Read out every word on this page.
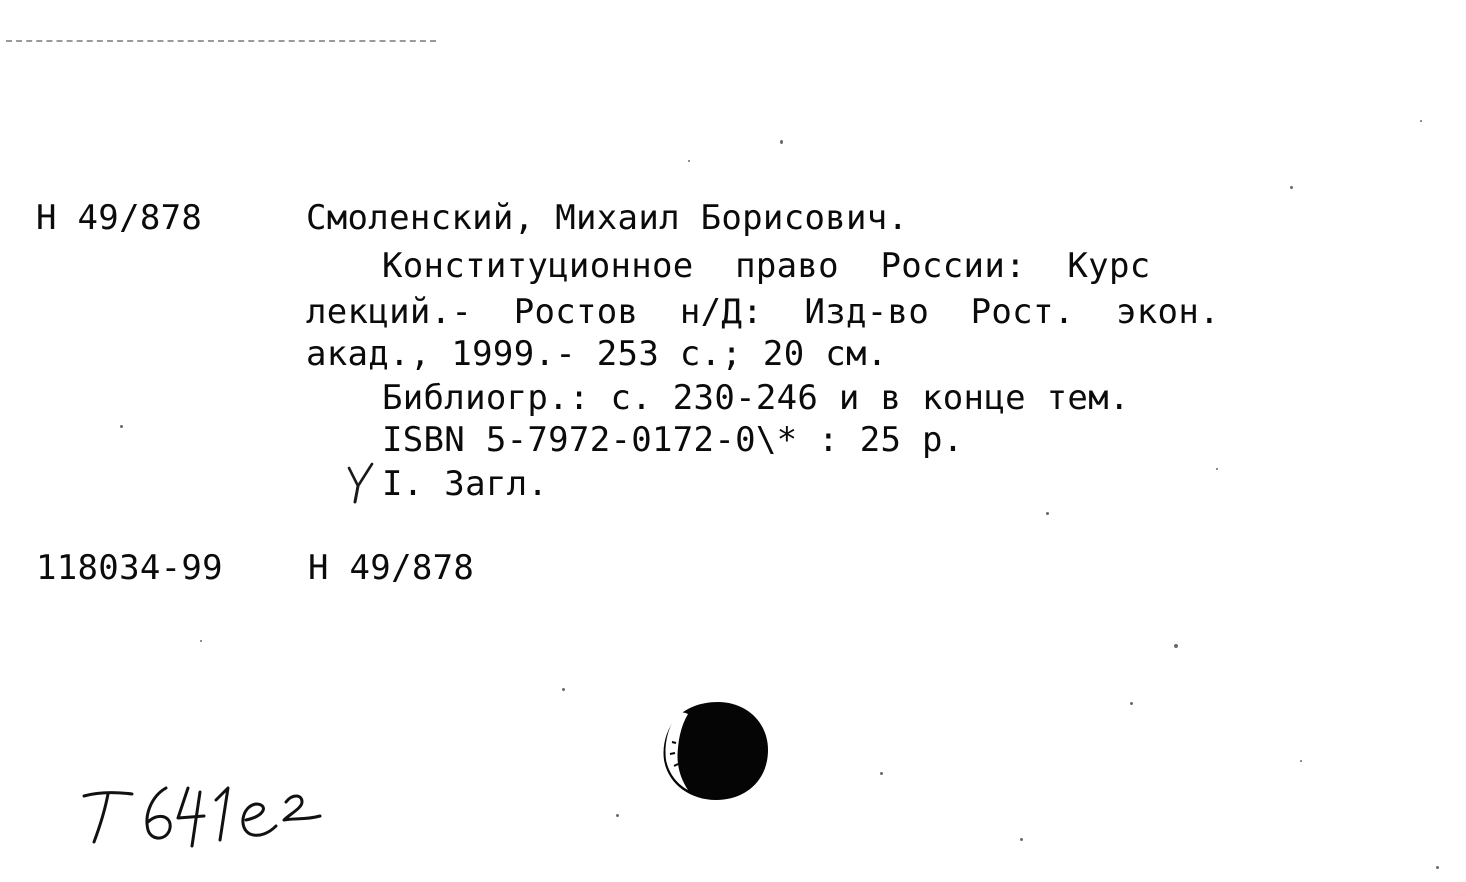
Н 49/878	Смоленский, Михаил Борисович.
Конституционное  право  России:  Курс
лекций.-  Ростов  н/Д:  Изд-во  Рост.  экон.
акад., 1999.- 253 с.; 20 см.
Библиогр.: с. 230-246 и в конце тем.
ISBN 5-7972-0172-0\* : 25 р.
I. Загл.
118034-99	Н 49/878
